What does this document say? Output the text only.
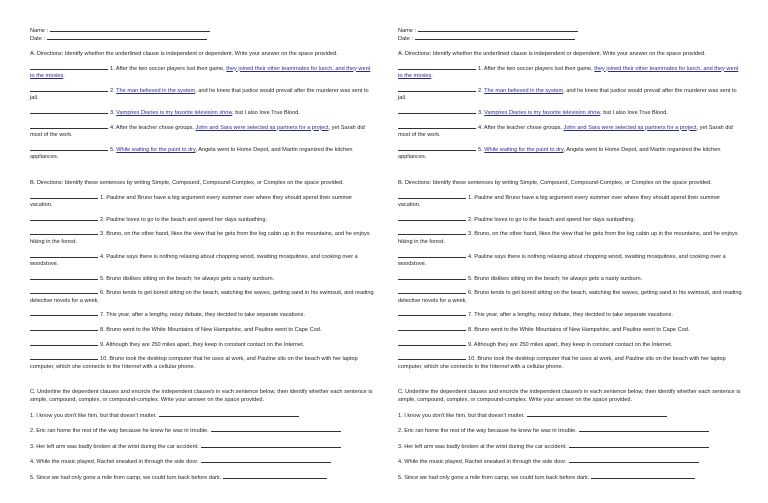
Name :
Date :
A. Directions: Identify whether the underlined clause is independent or dependent. Write your answer on the space provided.
1. After the two soccer players lost their game, they joined their other teammates for lunch, and they went to the movies.
2. The man believed in the system, and he knew that justice would prevail after the murderer was sent to jail.
3. Vampires Diaries is my favorite television show, but I also love True Blood.
4. After the teacher chose groups, John and Sara were selected as partners for a project, yet Sarah did most of the work.
5. While waiting for the paint to dry, Angela went to Home Depot, and Martin organized the kitchen appliances.
B. Directions: Identify these sentences by writing Simple, Compound, Compound-Complex, or Complex on the space provided.
1. Pauline and Bruno have a big argument every summer over where they should spend their summer vacation.
2. Pauline loves to go to the beach and spend her days sunbathing.
3. Bruno, on the other hand, likes the view that he gets from the log cabin up in the mountains, and he enjoys hiking in the forest.
4. Pauline says there is nothing relaxing about chopping wood, swatting mosquitoes, and cooking over a woodstove.
5. Bruno dislikes sitting on the beach; he always gets a nasty sunburn.
6. Bruno tends to get bored sitting on the beach, watching the waves, getting sand in his swimsuit, and reading detective novels for a week.
7. This year, after a lengthy, noisy debate, they decided to take separate vacations.
8. Bruno went to the White Mountains of New Hampshire, and Pauline went to Cape Cod.
9. Although they are 250 miles apart, they keep in constant contact on the Internet.
10. Bruno took the desktop computer that he uses at work, and Pauline sits on the beach with her laptop computer, which she connects to the Internet with a cellular phone.
C. Underline the dependent clauses and encircle the independent clause/s in each sentence below, then identify whether each sentence is simple, compound, complex, or compound-complex. Write your answer on the space provided.
1. I know you don't like him, but that doesn't matter.
2. Eric ran home the rest of the way because he knew he was in trouble.
3. Her left arm was badly broken at the wrist during the car accident.
4. While the music played, Rachel sneaked in through the side door.
5. Since we had only gone a mile from camp, we could turn back before dark.
Name :
Date :
A. Directions: Identify whether the underlined clause is independent or dependent. Write your answer on the space provided.
1. After the two soccer players lost their game, they joined their other teammates for lunch, and they went to the movies.
2. The man believed in the system, and he knew that justice would prevail after the murderer was sent to jail.
3. Vampires Diaries is my favorite television show, but I also love True Blood.
4. After the teacher chose groups, John and Sara were selected as partners for a project, yet Sarah did most of the work.
5. While waiting for the paint to dry, Angela went to Home Depot, and Martin organized the kitchen appliances.
B. Directions: Identify these sentences by writing Simple, Compound, Compound-Complex, or Complex on the space provided.
1. Pauline and Bruno have a big argument every summer over where they should spend their summer vacation.
2. Pauline loves to go to the beach and spend her days sunbathing.
3. Bruno, on the other hand, likes the view that he gets from the log cabin up in the mountains, and he enjoys hiking in the forest.
4. Pauline says there is nothing relaxing about chopping wood, swatting mosquitoes, and cooking over a woodstove.
5. Bruno dislikes sitting on the beach; he always gets a nasty sunburn.
6. Bruno tends to get bored sitting on the beach, watching the waves, getting sand in his swimsuit, and reading detective novels for a week.
7. This year, after a lengthy, noisy debate, they decided to take separate vacations.
8. Bruno went to the White Mountains of New Hampshire, and Pauline went to Cape Cod.
9. Although they are 250 miles apart, they keep in constant contact on the Internet.
10. Bruno took the desktop computer that he uses at work, and Pauline sits on the beach with her laptop computer, which she connects to the Internet with a cellular phone.
C. Underline the dependent clauses and encircle the independent clause/s in each sentence below, then identify whether each sentence is simple, compound, complex, or compound-complex. Write your answer on the space provided.
1. I know you don't like him, but that doesn't matter.
2. Eric ran home the rest of the way because he knew he was in trouble.
3. Her left arm was badly broken at the wrist during the car accident.
4. While the music played, Rachel sneaked in through the side door.
5. Since we had only gone a mile from camp, we could turn back before dark.
